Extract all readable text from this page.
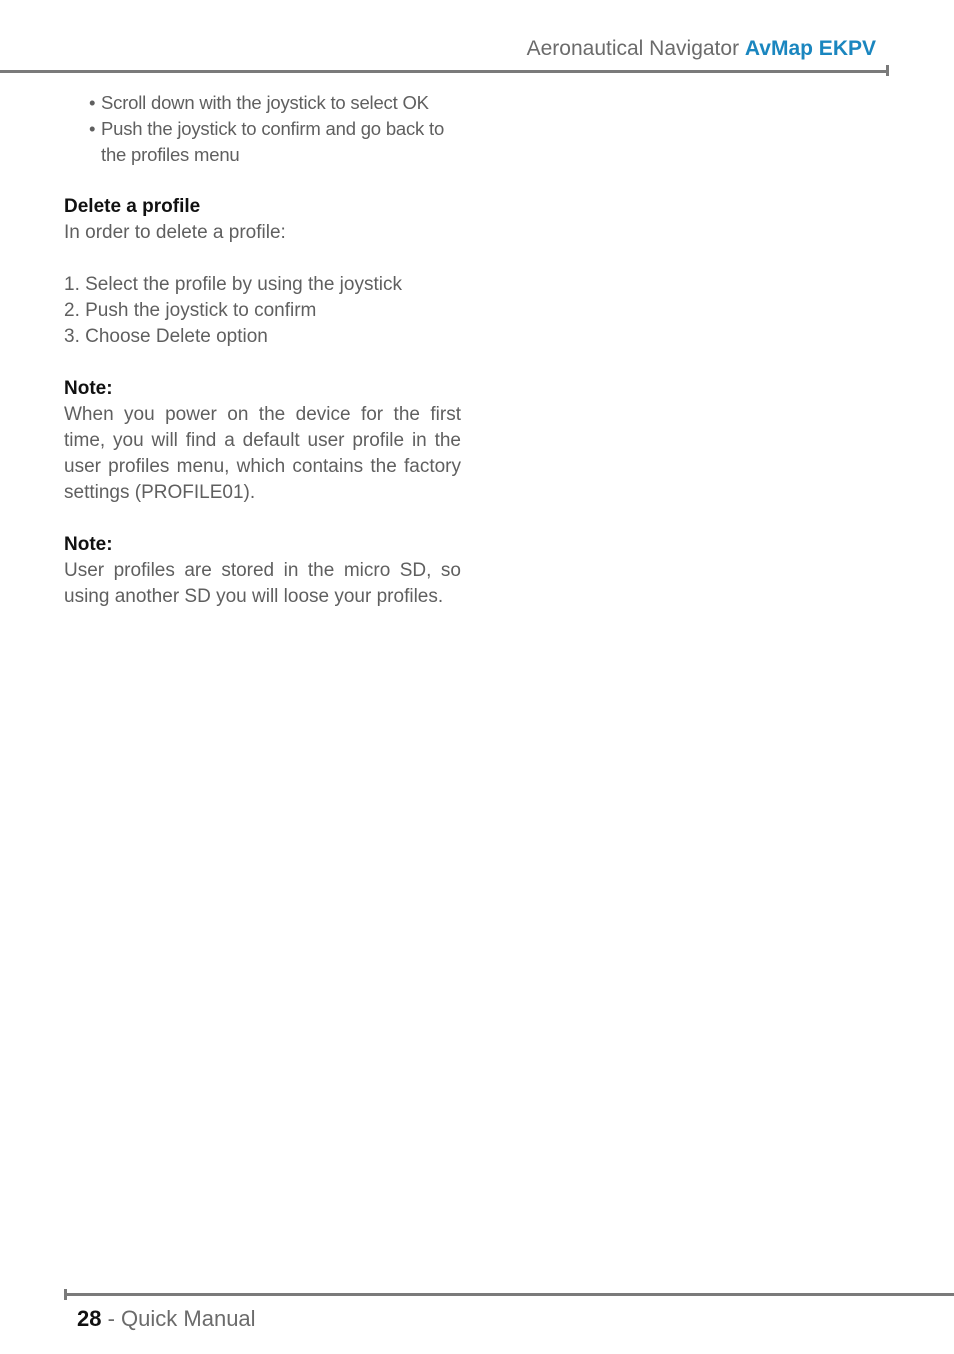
Aeronautical Navigator AvMap EKPV
• Scroll down with the joystick to select OK
• Push the joystick to confirm and go back to the profiles menu

Delete a profile

In order to delete a profile:

1. Select the profile by using the joystick
2. Push the joystick to confirm
3. Choose Delete option

Note:

When you power on the device for the first time, you will find a default user profile in the user profiles menu, which contains the factory settings (PROFILE01).

Note:

User profiles are stored in the micro SD, so using another SD you will loose your profiles.

28 - Quick Manual
